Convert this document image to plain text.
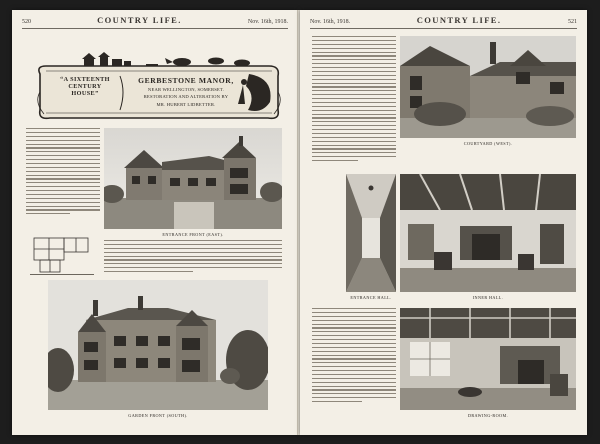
520	COUNTRY LIFE.	Nov. 16th, 1918.
“A SIXTEENTH
CENTURY
HOUSE”
GERBESTONE MANOR,
NEAR WELLINGTON, SOMERSET.
RESTORATION AND ALTERATION BY
MR. HUBERT LIDBETTER.
ENTRANCE FRONT (EAST).
GARDEN FRONT (SOUTH).
Nov. 16th, 1918.	COUNTRY LIFE.	521
COURTYARD (WEST).
ENTRANCE HALL.	INNER HALL.
DRAWING-ROOM.
